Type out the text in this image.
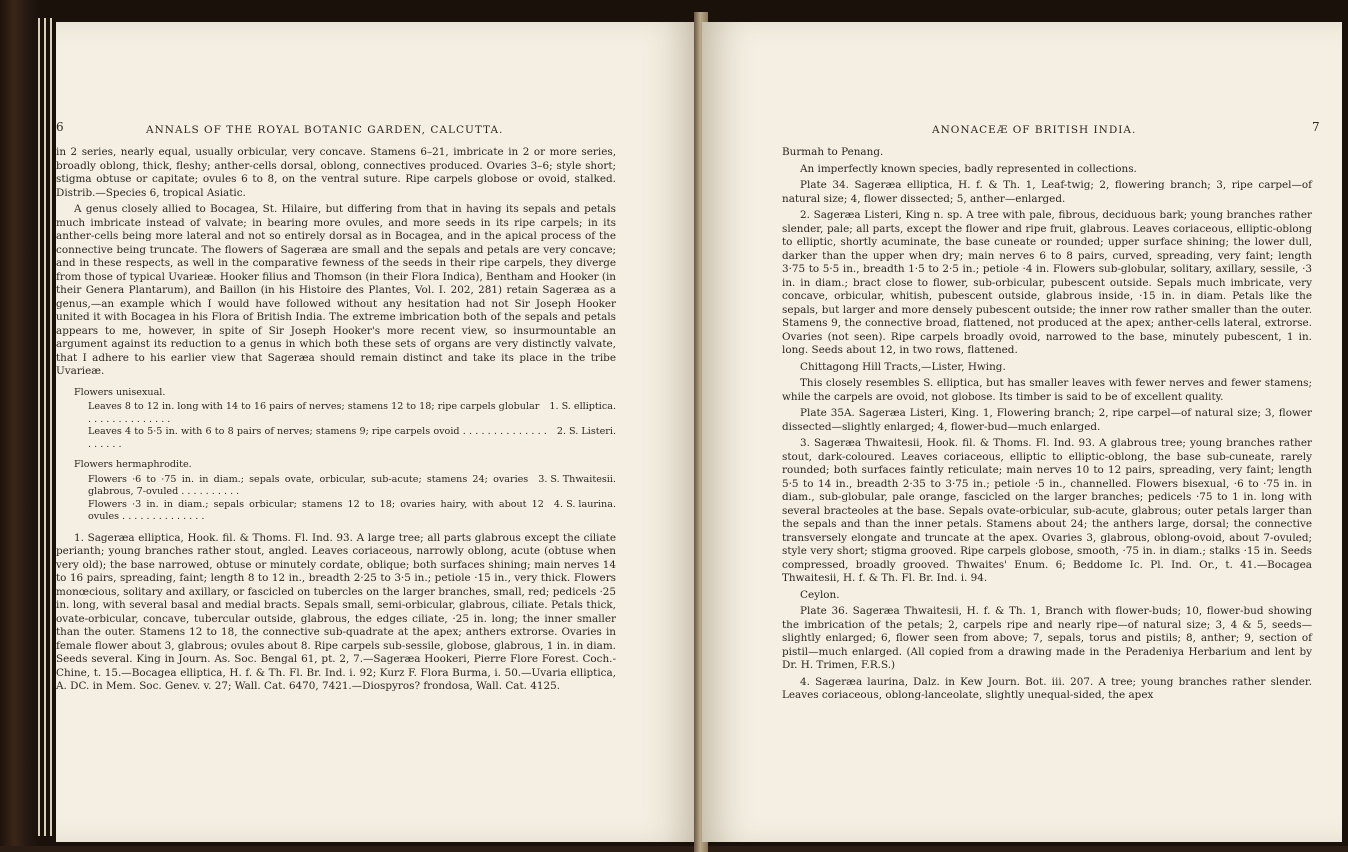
6	ANNALS OF THE ROYAL BOTANIC GARDEN, CALCUTTA.

in 2 series, nearly equal, usually orbicular, very concave. Stamens 6–21, imbricate in 2 or more series, broadly oblong, thick, fleshy; anther-cells dorsal, oblong, connectives produced. Ovaries 3–6; style short; stigma obtuse or capitate; ovules 6 to 8, on the ventral suture. Ripe carpels globose or ovoid, stalked. Distrib.—Species 6, tropical Asiatic.

A genus closely allied to Bocagea, St. Hilaire, but differing from that in having its sepals and petals much imbricate instead of valvate; in bearing more ovules, and more seeds in its ripe carpels; in its anther-cells being more lateral and not so entirely dorsal as in Bocagea, and in the apical process of the connective being truncate. The flowers of Sageræa are small and the sepals and petals are very concave; and in these respects, as well in the comparative fewness of the seeds in their ripe carpels, they diverge from those of typical Uvarieæ. Hooker filius and Thomson (in their Flora Indica), Bentham and Hooker (in their Genera Plantarum), and Baillon (in his Histoire des Plantes, Vol. I. 202, 281) retain Sageræa as a genus,—an example which I would have followed without any hesitation had not Sir Joseph Hooker united it with Bocagea in his Flora of British India. The extreme imbrication both of the sepals and petals appears to me, however, in spite of Sir Joseph Hooker's more recent view, so insurmountable an argument against its reduction to a genus in which both these sets of organs are very distinctly valvate, that I adhere to his earlier view that Sageræa should remain distinct and take its place in the tribe Uvarieæ.

Flowers unisexual.
Leaves 8 to 12 in. long with 14 to 16 pairs of nerves; stamens 12 to 18; ripe carpels globular . . . . . . . . . . . . . .
1. S. elliptica.
Leaves 4 to 5·5 in. with 6 to 8 pairs of nerves; stamens 9; ripe carpels ovoid . . . . . . . . . . . . . . . . . . . .
2. S. Listeri.
Flowers hermaphrodite.
Flowers ·6 to ·75 in. in diam.; sepals ovate, orbicular, sub-acute; stamens 24; ovaries glabrous, 7-ovuled . . . . . . . . . .
3. S. Thwaitesii.
Flowers ·3 in. in diam.; sepals orbicular; stamens 12 to 18; ovaries hairy, with about 12 ovules . . . . . . . . . . . . . .
4. S. laurina.

1. Sageræa elliptica, Hook. fil. & Thoms. Fl. Ind. 93. A large tree; all parts glabrous except the ciliate perianth; young branches rather stout, angled. Leaves coriaceous, narrowly oblong, acute (obtuse when very old); the base narrowed, obtuse or minutely cordate, oblique; both surfaces shining; main nerves 14 to 16 pairs, spreading, faint; length 8 to 12 in., breadth 2·25 to 3·5 in.; petiole ·15 in., very thick. Flowers monœcious, solitary and axillary, or fascicled on tubercles on the larger branches, small, red; pedicels ·25 in. long, with several basal and medial bracts. Sepals small, semi-orbicular, glabrous, ciliate. Petals thick, ovate-orbicular, concave, tubercular outside, glabrous, the edges ciliate, ·25 in. long; the inner smaller than the outer. Stamens 12 to 18, the connective sub-quadrate at the apex; anthers extrorse. Ovaries in female flower about 3, glabrous; ovules about 8. Ripe carpels sub-sessile, globose, glabrous, 1 in. in diam. Seeds several. King in Journ. As. Soc. Bengal 61, pt. 2, 7.—Sageræa Hookeri, Pierre Flore Forest. Coch.-Chine, t. 15.—Bocagea elliptica, H. f. & Th. Fl. Br. Ind. i. 92; Kurz F. Flora Burma, i. 50.—Uvaria elliptica, A. DC. in Mem. Soc. Genev. v. 27; Wall. Cat. 6470, 7421.—Diospyros? frondosa, Wall. Cat. 4125.

ANONACEÆ OF BRITISH INDIA.	7

Burmah to Penang.

An imperfectly known species, badly represented in collections.

Plate 34. Sageræa elliptica, H. f. & Th. 1, Leaf-twig; 2, flowering branch; 3, ripe carpel—of natural size; 4, flower dissected; 5, anther—enlarged.

2. Sageræa Listeri, King n. sp. A tree with pale, fibrous, deciduous bark; young branches rather slender, pale; all parts, except the flower and ripe fruit, glabrous. Leaves coriaceous, elliptic-oblong to elliptic, shortly acuminate, the base cuneate or rounded; upper surface shining; the lower dull, darker than the upper when dry; main nerves 6 to 8 pairs, curved, spreading, very faint; length 3·75 to 5·5 in., breadth 1·5 to 2·5 in.; petiole ·4 in. Flowers sub-globular, solitary, axillary, sessile, ·3 in. in diam.; bract close to flower, sub-orbicular, pubescent outside. Sepals much imbricate, very concave, orbicular, whitish, pubescent outside, glabrous inside, ·15 in. in diam. Petals like the sepals, but larger and more densely pubescent outside; the inner row rather smaller than the outer. Stamens 9, the connective broad, flattened, not produced at the apex; anther-cells lateral, extrorse. Ovaries (not seen). Ripe carpels broadly ovoid, narrowed to the base, minutely pubescent, 1 in. long. Seeds about 12, in two rows, flattened.

Chittagong Hill Tracts,—Lister, Hwing.

This closely resembles S. elliptica, but has smaller leaves with fewer nerves and fewer stamens; while the carpels are ovoid, not globose. Its timber is said to be of excellent quality.

Plate 35A. Sageræa Listeri, King. 1, Flowering branch; 2, ripe carpel—of natural size; 3, flower dissected—slightly enlarged; 4, flower-bud—much enlarged.

3. Sageræa Thwaitesii, Hook. fil. & Thoms. Fl. Ind. 93. A glabrous tree; young branches rather stout, dark-coloured. Leaves coriaceous, elliptic to elliptic-oblong, the base sub-cuneate, rarely rounded; both surfaces faintly reticulate; main nerves 10 to 12 pairs, spreading, very faint; length 5·5 to 14 in., breadth 2·35 to 3·75 in.; petiole ·5 in., channelled. Flowers bisexual, ·6 to ·75 in. in diam., sub-globular, pale orange, fascicled on the larger branches; pedicels ·75 to 1 in. long with several bracteoles at the base. Sepals ovate-orbicular, sub-acute, glabrous; outer petals larger than the sepals and than the inner petals. Stamens about 24; the anthers large, dorsal; the connective transversely elongate and truncate at the apex. Ovaries 3, glabrous, oblong-ovoid, about 7-ovuled; style very short; stigma grooved. Ripe carpels globose, smooth, ·75 in. in diam.; stalks ·15 in. Seeds compressed, broadly grooved. Thwaites' Enum. 6; Beddome Ic. Pl. Ind. Or., t. 41.—Bocagea Thwaitesii, H. f. & Th. Fl. Br. Ind. i. 94.

Ceylon.

Plate 36. Sageræa Thwaitesii, H. f. & Th. 1, Branch with flower-buds; 10, flower-bud showing the imbrication of the petals; 2, carpels ripe and nearly ripe—of natural size; 3, 4 & 5, seeds—slightly enlarged; 6, flower seen from above; 7, sepals, torus and pistils; 8, anther; 9, section of pistil—much enlarged. (All copied from a drawing made in the Peradeniya Herbarium and lent by Dr. H. Trimen, F.R.S.)

4. Sageræa laurina, Dalz. in Kew Journ. Bot. iii. 207. A tree; young branches rather slender. Leaves coriaceous, oblong-lanceolate, slightly unequal-sided, the apex
